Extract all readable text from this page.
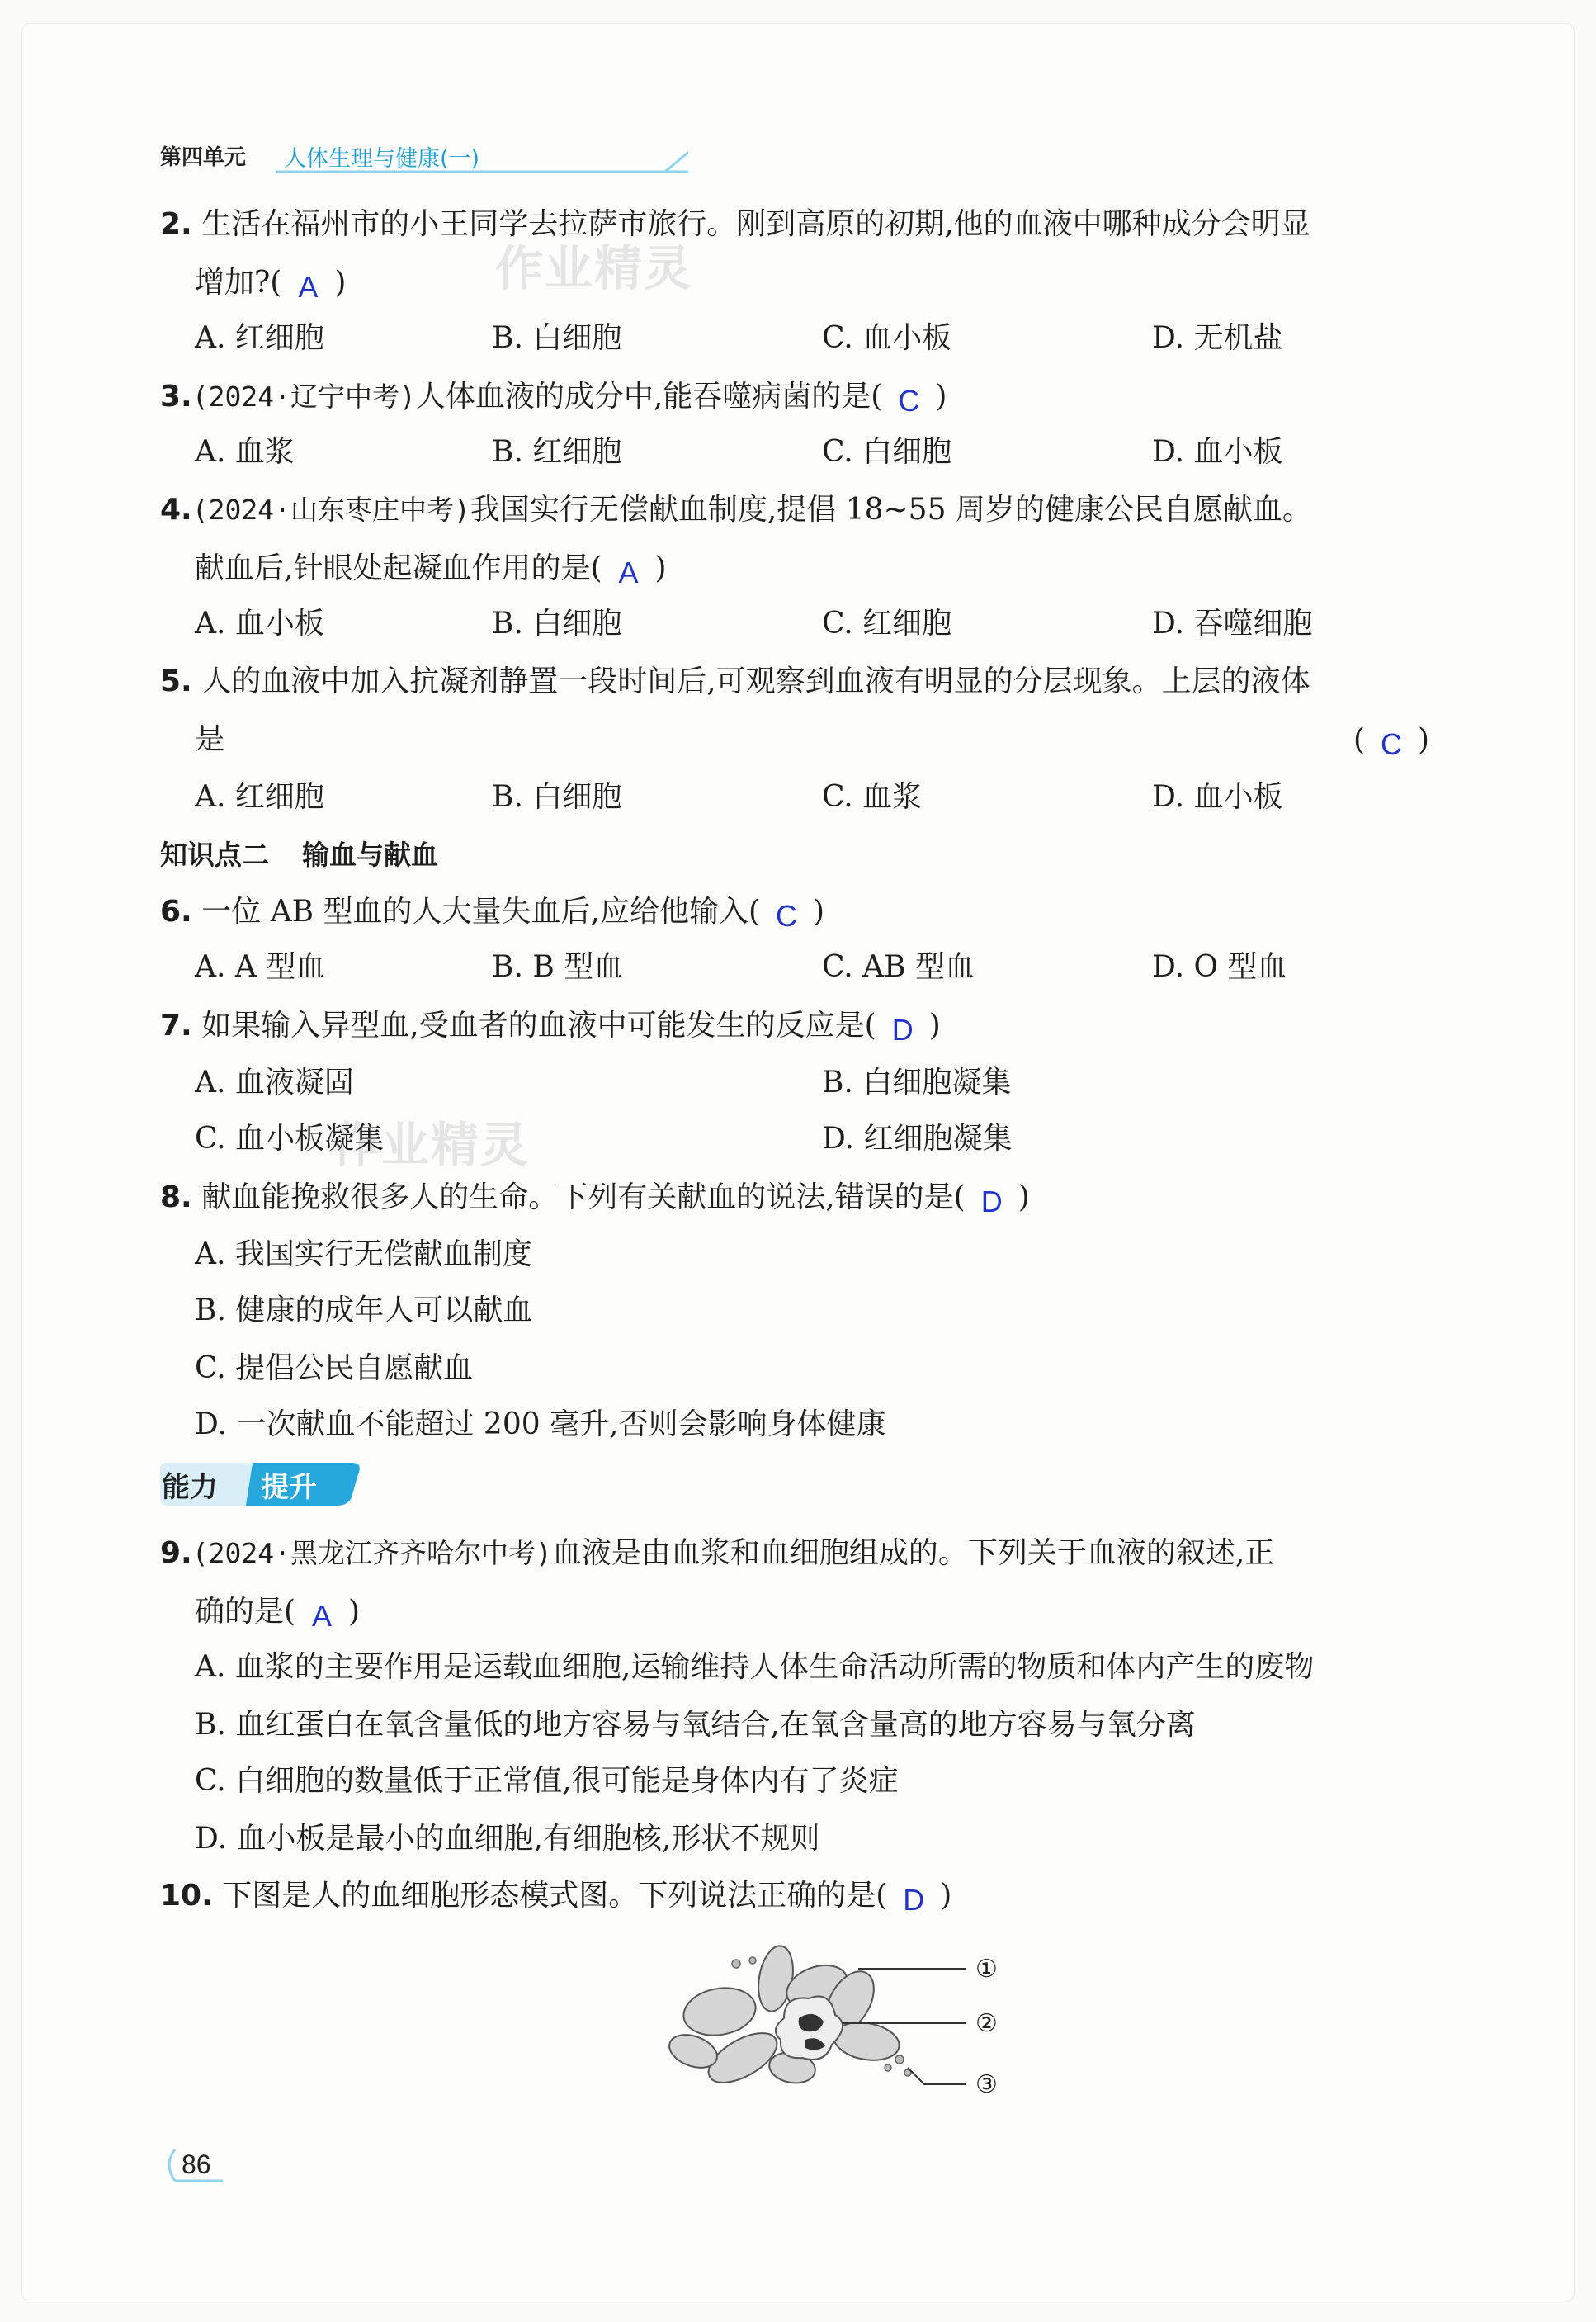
第四单元 人体生理与健康(一)
作业精灵
作业精灵
2. 生活在福州市的小王同学去拉萨市旅行。刚到高原的初期,他的血液中哪种成分会明显
增加?( A )
A. 红细胞	B. 白细胞	C. 血小板	D. 无机盐
3.(2024·辽宁中考)人体血液的成分中,能吞噬病菌的是( C )
A. 血浆	B. 红细胞	C. 白细胞	D. 血小板
4.(2024·山东枣庄中考)我国实行无偿献血制度,提倡 18~55 周岁的健康公民自愿献血。
献血后,针眼处起凝血作用的是( A )
A. 血小板	B. 白细胞	C. 红细胞	D. 吞噬细胞
5. 人的血液中加入抗凝剂静置一段时间后,可观察到血液有明显的分层现象。上层的液体
是	( C )
A. 红细胞	B. 白细胞	C. 血浆	D. 血小板
知识点二 输血与献血
6. 一位 AB 型血的人大量失血后,应给他输入( C )
A. A 型血	B. B 型血	C. AB 型血	D. O 型血
7. 如果输入异型血,受血者的血液中可能发生的反应是( D )
A. 血液凝固	B. 白细胞凝集
C. 血小板凝集	D. 红细胞凝集
8. 献血能挽救很多人的生命。下列有关献血的说法,错误的是( D )
A. 我国实行无偿献血制度
B. 健康的成年人可以献血
C. 提倡公民自愿献血
D. 一次献血不能超过 200 毫升,否则会影响身体健康
能力 提升
9.(2024·黑龙江齐齐哈尔中考)血液是由血浆和血细胞组成的。下列关于血液的叙述,正
确的是( A )
A. 血浆的主要作用是运载血细胞,运输维持人体生命活动所需的物质和体内产生的废物
B. 血红蛋白在氧含量低的地方容易与氧结合,在氧含量高的地方容易与氧分离
C. 白细胞的数量低于正常值,很可能是身体内有了炎症
D. 血小板是最小的血细胞,有细胞核,形状不规则
10. 下图是人的血细胞形态模式图。下列说法正确的是( D )
①
②
③
86
